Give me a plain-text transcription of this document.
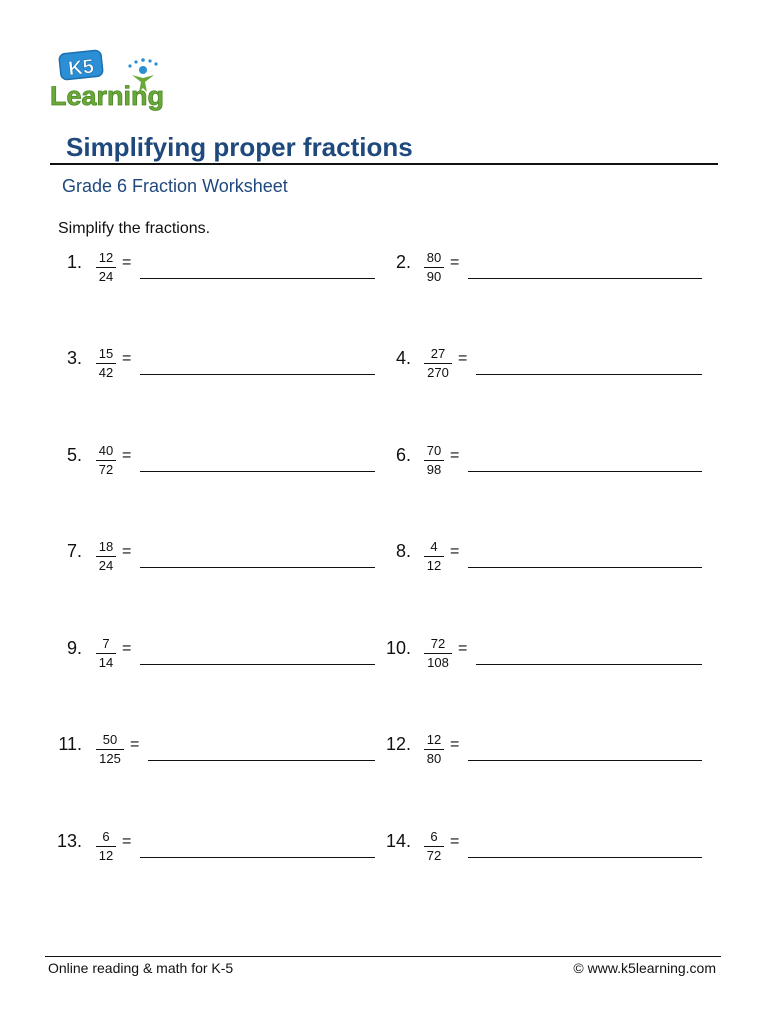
K5
Learning
Simplifying proper fractions
Grade 6 Fraction Worksheet
Simplify the fractions.
1. 12
24
=	2. 80
90
=
3. 15
42
=	4. 27
270
=
5. 40
72
=	6. 70
98
=
7. 18
24
=	8. 4
12
=
9. 7
14
=	10. 72
108
=
11. 50
125
=	12. 12
80
=
13. 6
12
=	14. 6
72
=
Online reading & math for K-5	© www.k5learning.com
